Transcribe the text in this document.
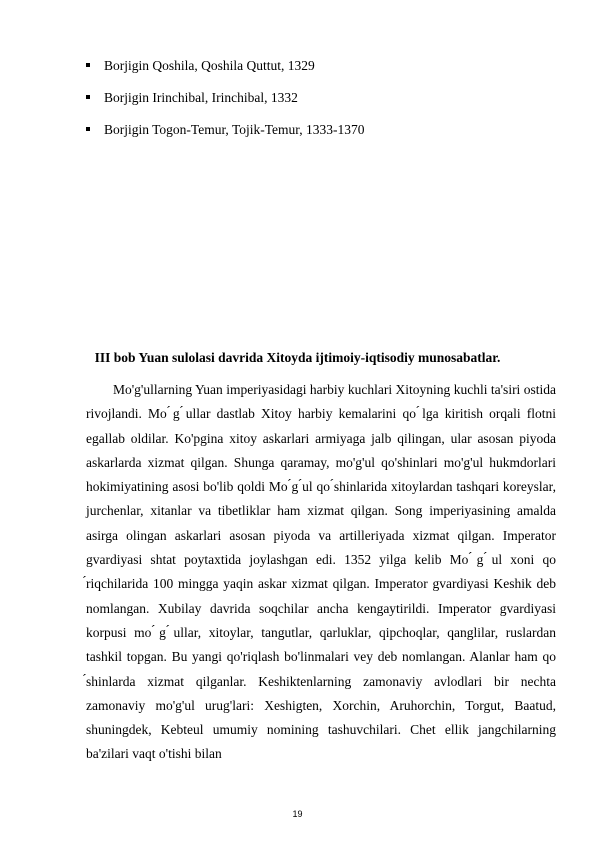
Borjigin Qoshila, Qoshila Quttut, 1329
Borjigin Irinchibal, Irinchibal, 1332
Borjigin Togon-Temur, Tojik-Temur, 1333-1370
III bob Yuan sulolasi davrida Xitoyda ijtimoiy-iqtisodiy munosabatlar.

Mo'g'ullarning Yuan imperiyasidagi harbiy kuchlari Xitoyning kuchli ta'siri ostida rivojlandi. Mo ́g ́ullar dastlab Xitoy harbiy kemalarini qo ́lga kiritish orqali flotni egallab oldilar. Ko'pgina xitoy askarlari armiyaga jalb qilingan, ular asosan piyoda askarlarda xizmat qilgan. Shunga qaramay, mo'g'ul qo'shinlari mo'g'ul hukmdorlari hokimiyatining asosi bo'lib qoldi Mo ́g ́ul qo ́shinlarida xitoylardan tashqari koreyslar, jurchenlar, xitanlar va tibetliklar ham xizmat qilgan. Song imperiyasining amalda asirga olingan askarlari asosan piyoda va artilleriyada xizmat qilgan. Imperator gvardiyasi shtat poytaxtida joylashgan edi. 1352 yilga kelib Mo ́g ́ul xoni qo ́riqchilarida 100 mingga yaqin askar xizmat qilgan. Imperator gvardiyasi Keshik deb nomlangan. Xubilay davrida soqchilar ancha kengaytirildi. Imperator gvardiyasi korpusi mo ́g ́ullar, xitoylar, tangutlar, qarluklar, qipchoqlar, qanglilar, ruslardan tashkil topgan. Bu yangi qo'riqlash bo'linmalari vey deb nomlangan. Alanlar ham qo ́shinlarda xizmat qilganlar. Keshiktenlarning zamonaviy avlodlari bir nechta zamonaviy mo'g'ul urug'lari: Xeshigten, Xorchin, Aruhorchin, Torgut, Baatud, shuningdek, Kebteul umumiy nomining tashuvchilari. Chet ellik jangchilarning ba'zilari vaqt o'tishi bilan

19
